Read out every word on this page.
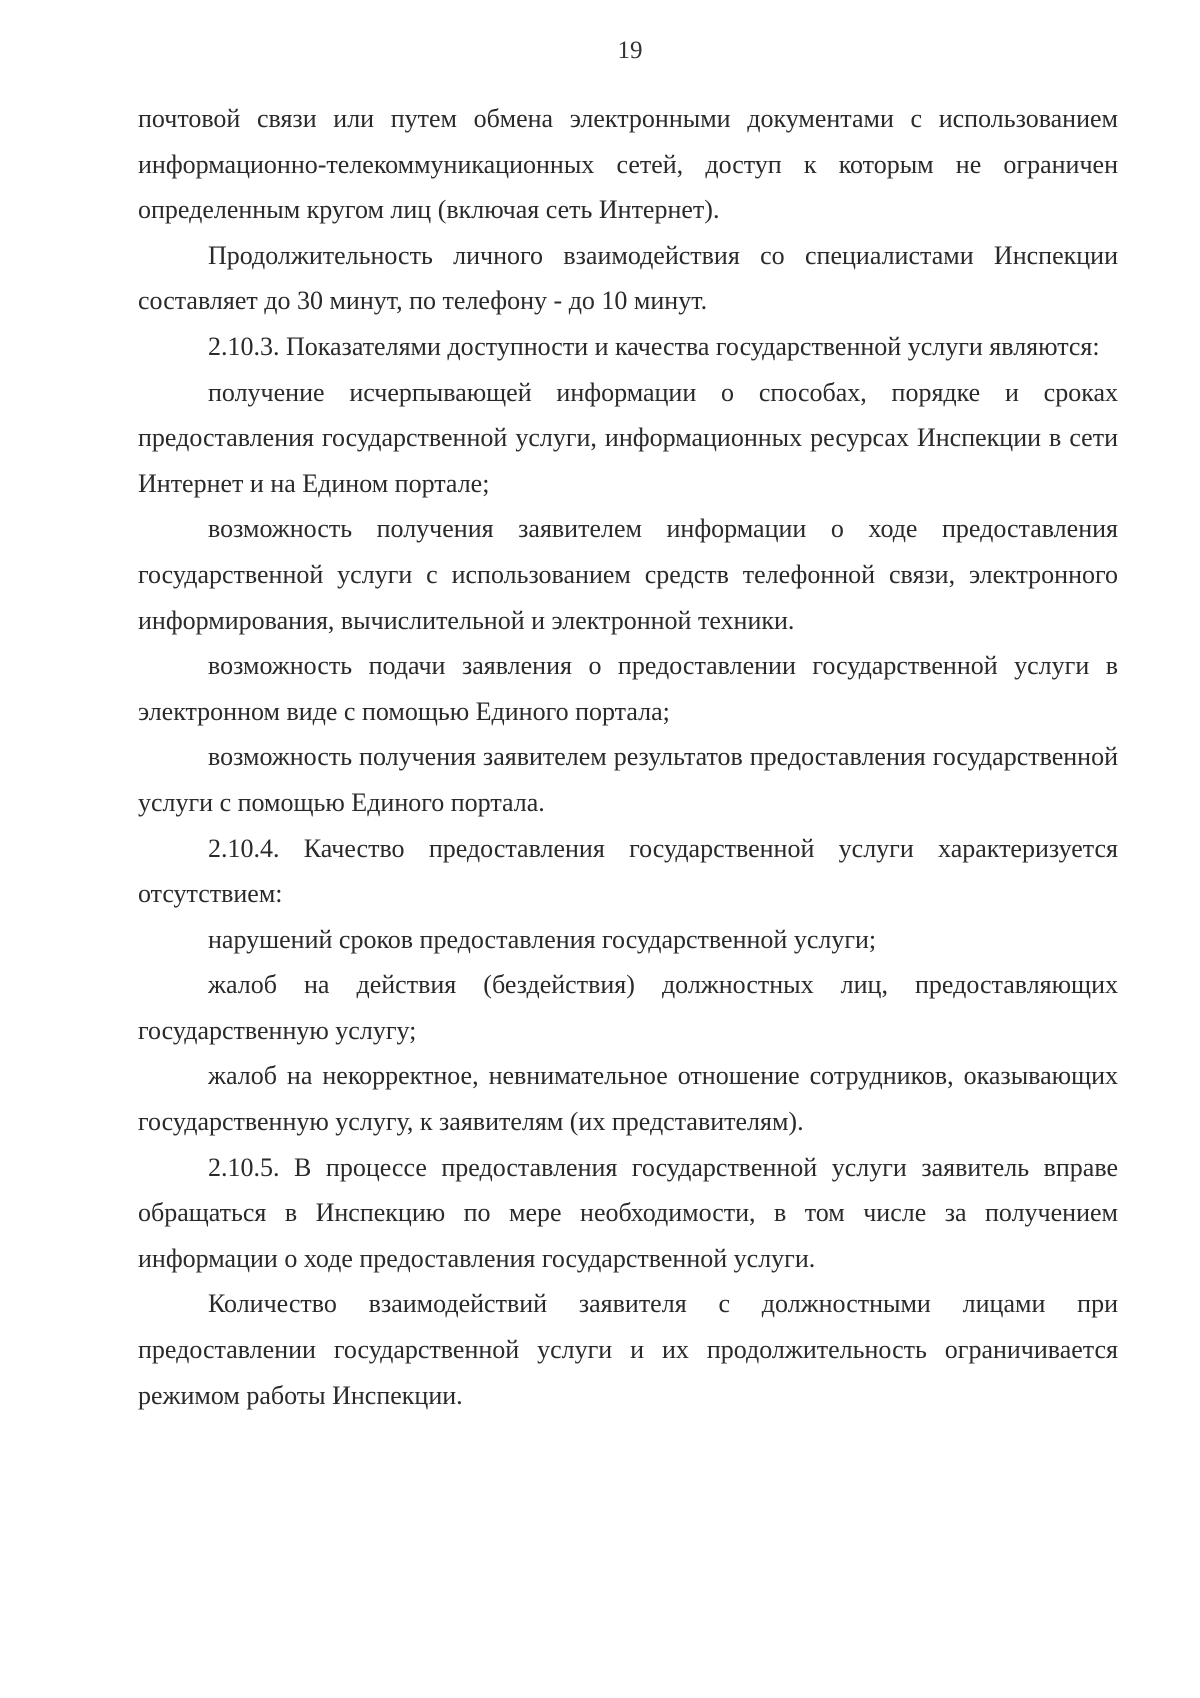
19

почтовой связи или путем обмена электронными документами с использованием информационно-телекоммуникационных сетей, доступ к которым не ограничен определенным кругом лиц (включая сеть Интернет).

Продолжительность личного взаимодействия со специалистами Инспекции составляет до 30 минут, по телефону - до 10 минут.

2.10.3. Показателями доступности и качества государственной услуги являются:

получение исчерпывающей информации о способах, порядке и сроках предоставления государственной услуги, информационных ресурсах Инспекции в сети Интернет и на Едином портале;

возможность получения заявителем информации о ходе предоставления государственной услуги с использованием средств телефонной связи, электронного информирования, вычислительной и электронной техники.

возможность подачи заявления о предоставлении государственной услуги в электронном виде с помощью Единого портала;

возможность получения заявителем результатов предоставления государственной услуги с помощью Единого портала.

2.10.4. Качество предоставления государственной услуги характеризуется отсутствием:

нарушений сроков предоставления государственной услуги;

жалоб на действия (бездействия) должностных лиц, предоставляющих государственную услугу;

жалоб на некорректное, невнимательное отношение сотрудников, оказывающих государственную услугу, к заявителям (их представителям).

2.10.5. В процессе предоставления государственной услуги заявитель вправе обращаться в Инспекцию по мере необходимости, в том числе за получением информации о ходе предоставления государственной услуги.

Количество взаимодействий заявителя с должностными лицами при предоставлении государственной услуги и их продолжительность ограничивается режимом работы Инспекции.
